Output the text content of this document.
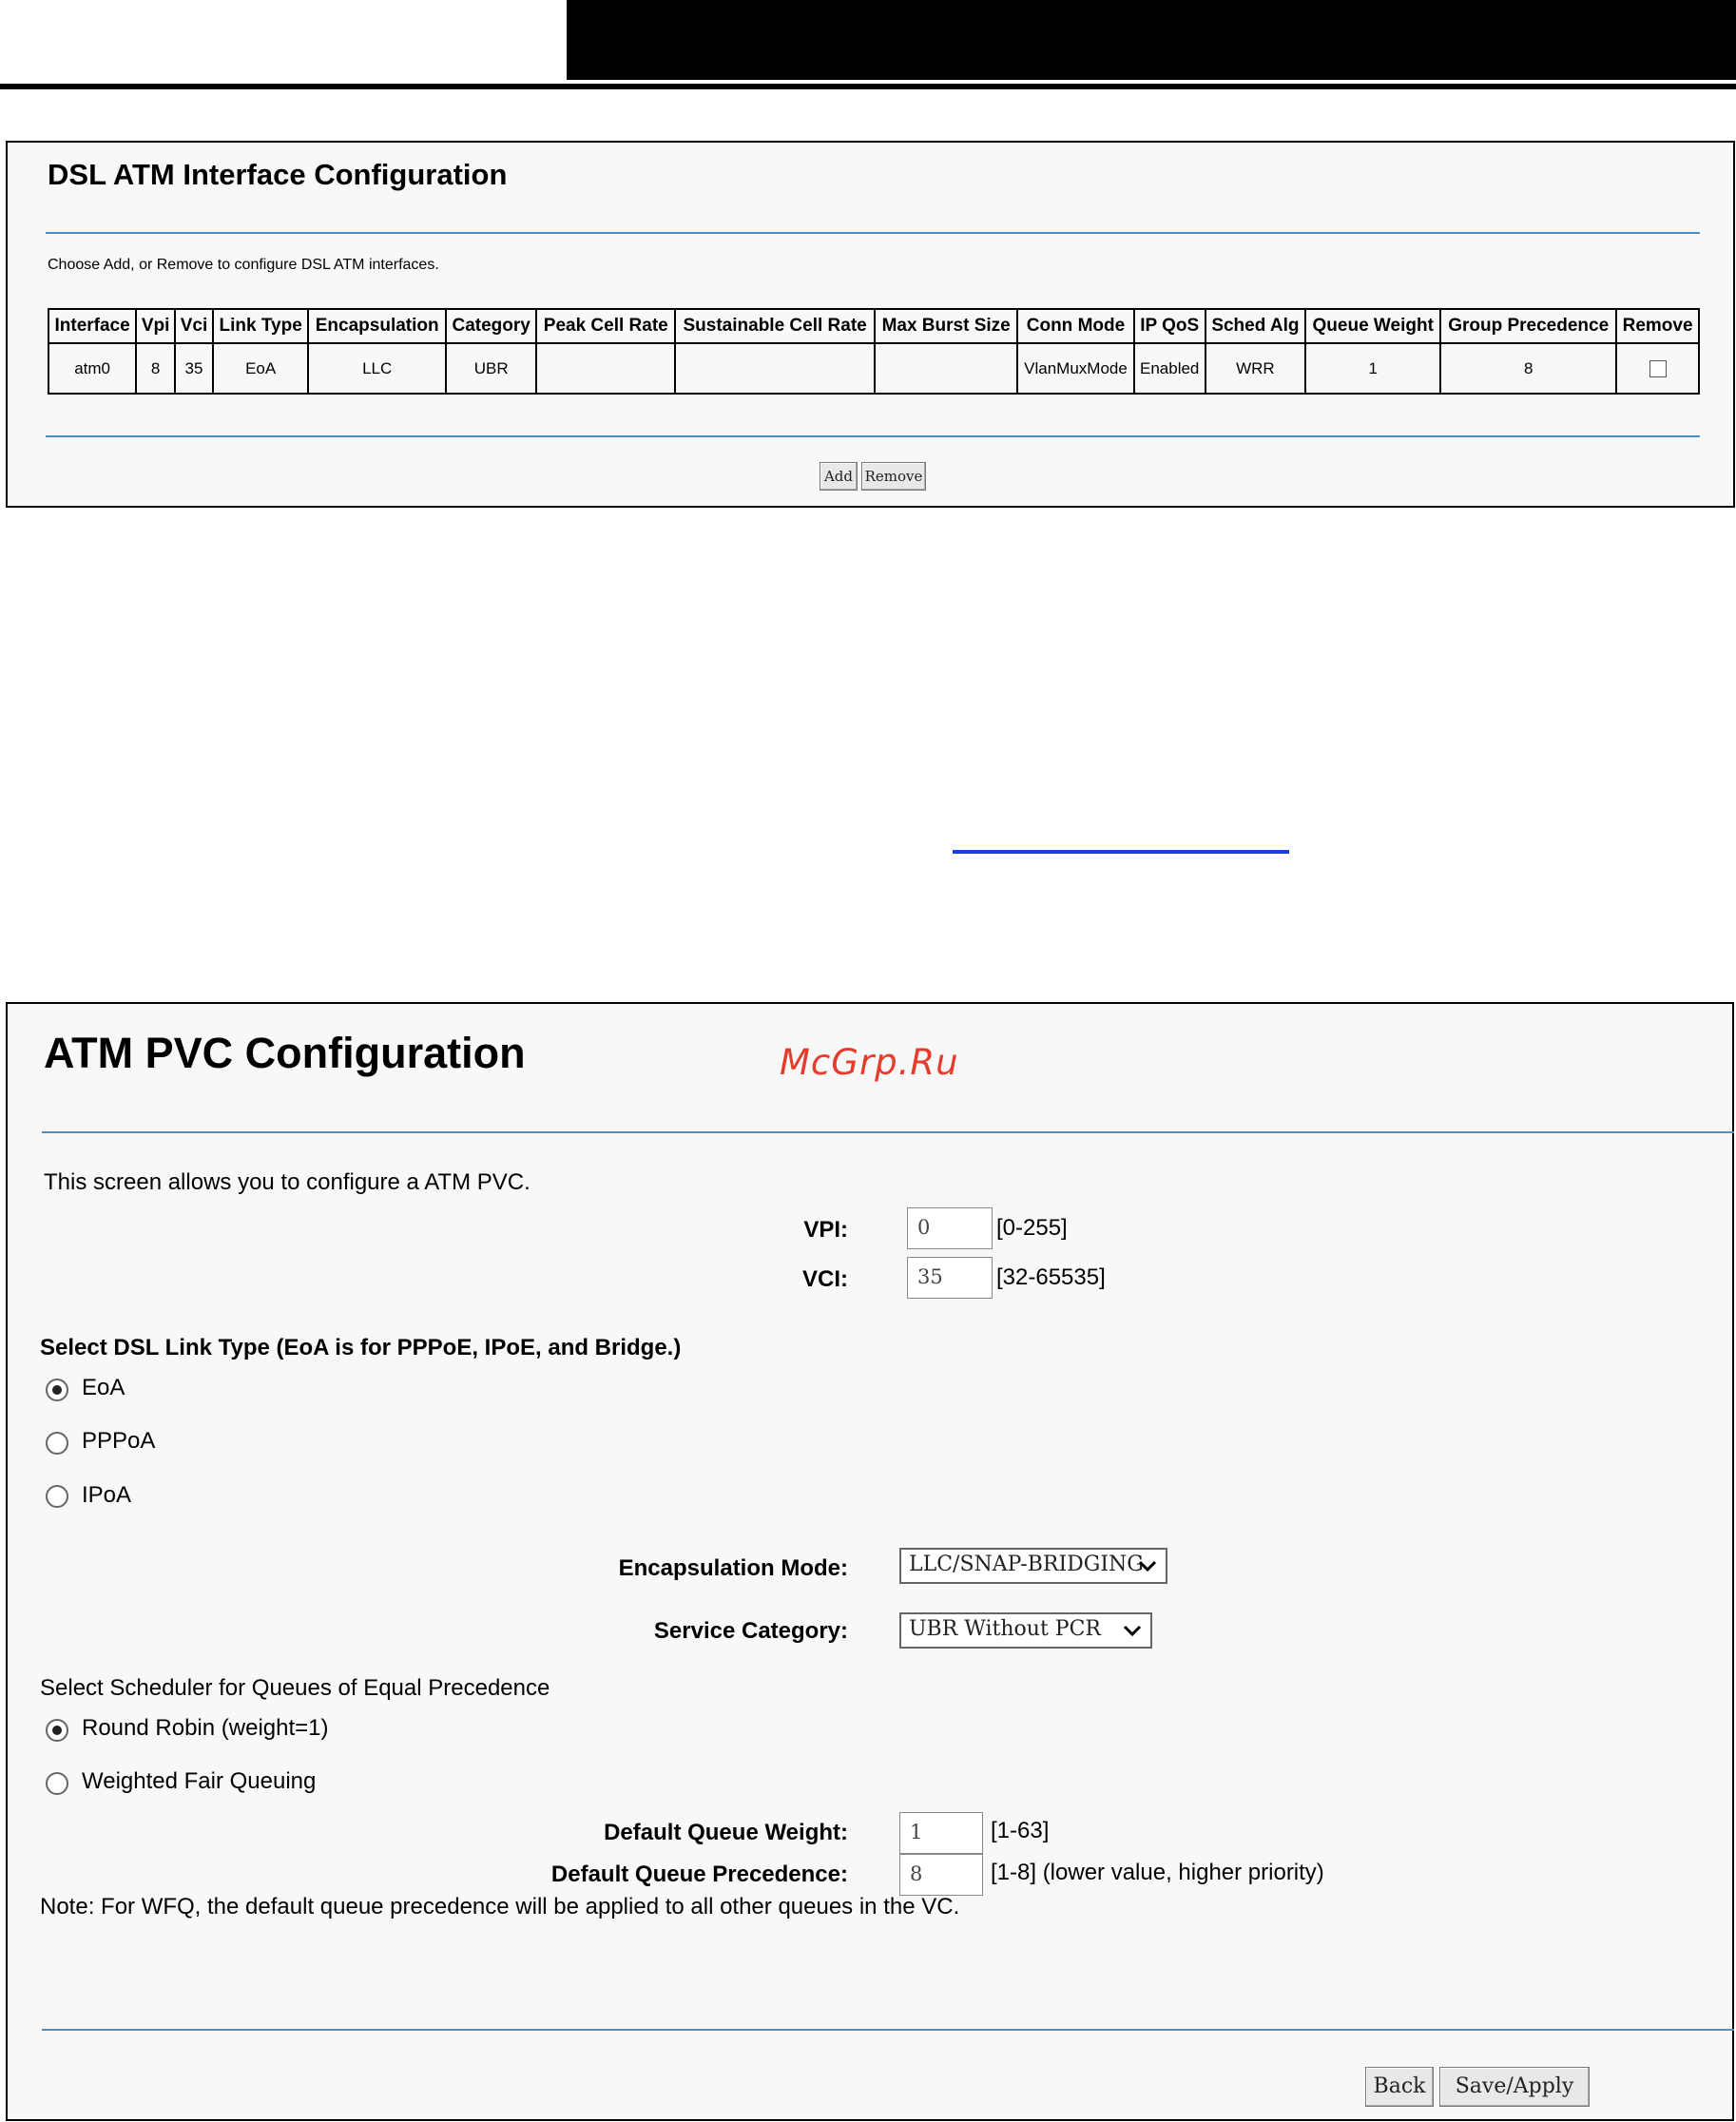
DSL ATM Interface Configuration
Choose Add, or Remove to configure DSL ATM interfaces.
Interface	Vpi	Vci	Link Type	Encapsulation	Category	Peak Cell Rate	Sustainable Cell Rate	Max Burst Size	Conn Mode	IP QoS	Sched Alg	Queue Weight	Group Precedence	Remove
atm0	8	35	EoA	LLC	UBR				VlanMuxMode	Enabled	WRR	1	8	
Add Remove
ATM PVC Configuration	McGrp.Ru
This screen allows you to configure a ATM PVC.
VPI:	0	[0-255]
VCI:	35	[32-65535]
Select DSL Link Type (EoA is for PPPoE, IPoE, and Bridge.)
EoA
PPPoA
IPoA
Encapsulation Mode:	LLC/SNAP-BRIDGING
Service Category:	UBR Without PCR
Select Scheduler for Queues of Equal Precedence
Round Robin (weight=1)
Weighted Fair Queuing
Default Queue Weight:	1	[1-63]
Default Queue Precedence:	8	[1-8] (lower value, higher priority)
Note: For WFQ, the default queue precedence will be applied to all other queues in the VC.
Back	Save/Apply
